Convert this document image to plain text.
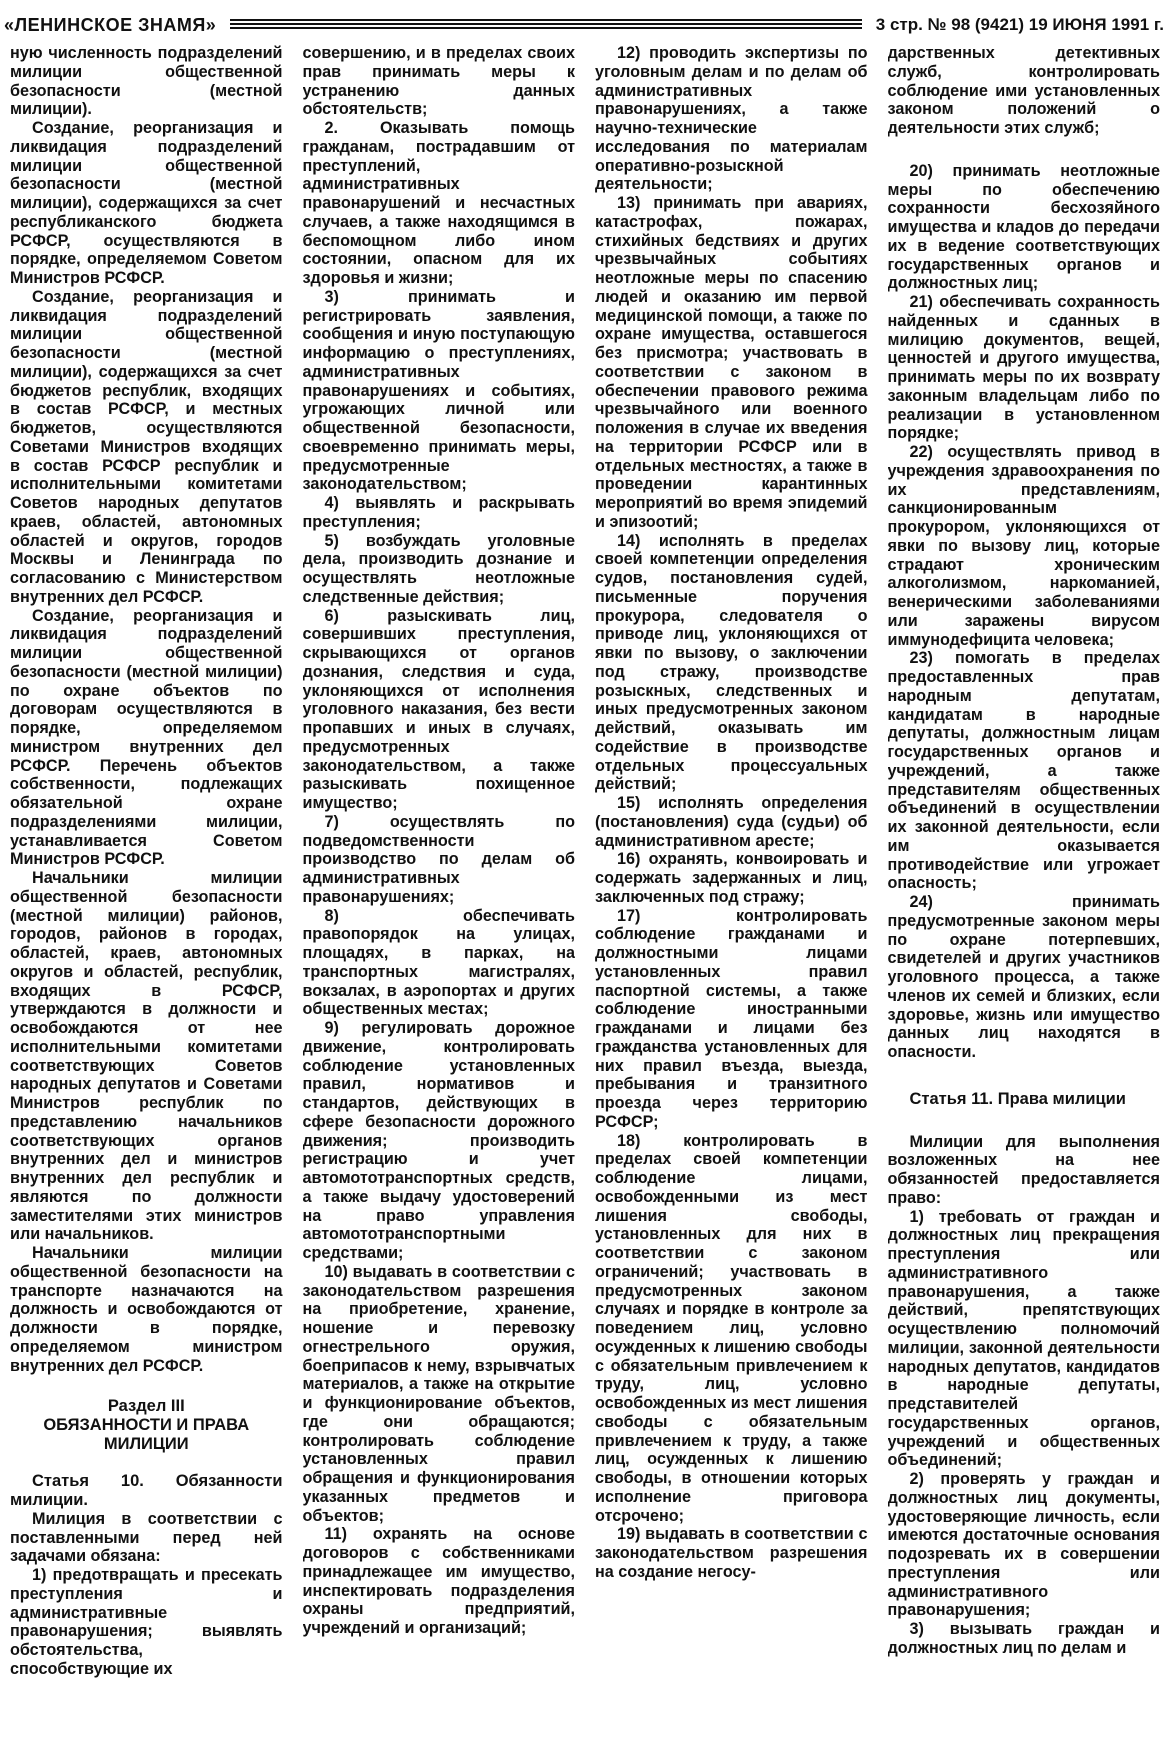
«ЛЕНИНСКОЕ ЗНАМЯ»	3 стр. № 98 (9421) 19 ИЮНЯ 1991 г.

ную численность подразделений милиции общественной безопасности (местной милиции).

Создание, реорганизация и ликвидация подразделений милиции общественной безопасности (местной милиции), содержащихся за счет республиканского бюджета РСФСР, осуществляются в порядке, определяемом Советом Министров РСФСР.

Создание, реорганизация и ликвидация подразделений милиции общественной безопасности (местной милиции), содержащихся за счет бюджетов республик, входящих в состав РСФСР, и местных бюджетов, осуществляются Советами Министров входящих в состав РСФСР республик и исполнительными комитетами Советов народных депутатов краев, областей, автономных областей и округов, городов Москвы и Ленинграда по согласованию с Министерством внутренних дел РСФСР.

Создание, реорганизация и ликвидация подразделений милиции общественной безопасности (местной милиции) по охране объектов по договорам осуществляются в порядке, определяемом министром внутренних дел РСФСР. Перечень объектов собственности, подлежащих обязательной охране подразделениями милиции, устанавливается Советом Министров РСФСР.

Начальники милиции общественной безопасности (местной милиции) районов, городов, районов в городах, областей, краев, автономных округов и областей, республик, входящих в РСФСР, утверждаются в должности и освобождаются от нее исполнительными комитетами соответствующих Советов народных депутатов и Советами Министров республик по представлению начальников соответствующих органов внутренних дел и министров внутренних дел республик и являются по должности заместителями этих министров или начальников.

Начальники милиции общественной безопасности на транспорте назначаются на должность и освобождаются от должности в порядке, определяемом министром внутренних дел РСФСР.

Раздел III
ОБЯЗАННОСТИ И ПРАВА МИЛИЦИИ

Статья 10. Обязанности милиции.

Милиция в соответствии с поставленными перед ней задачами обязана:

1) предотвращать и пресекать преступления и административные правонарушения; выявлять обстоятельства, способствующие их

совершению, и в пределах своих прав принимать меры к устранению данных обстоятельств;

2. Оказывать помощь гражданам, пострадавшим от преступлений, административных правонарушений и несчастных случаев, а также находящимся в беспомощном либо ином состоянии, опасном для их здоровья и жизни;

3) принимать и регистрировать заявления, сообщения и иную поступающую информацию о преступлениях, административных правонарушениях и событиях, угрожающих личной или общественной безопасности, своевременно принимать меры, предусмотренные законодательством;

4) выявлять и раскрывать преступления;

5) возбуждать уголовные дела, производить дознание и осуществлять неотложные следственные действия;

6) разыскивать лиц, совершивших преступления, скрывающихся от органов дознания, следствия и суда, уклоняющихся от исполнения уголовного наказания, без вести пропавших и иных в случаях, предусмотренных законодательством, а также разыскивать похищенное имущество;

7) осуществлять по подведомственности производство по делам об административных правонарушениях;

8) обеспечивать правопорядок на улицах, площадях, в парках, на транспортных магистралях, вокзалах, в аэропортах и других общественных местах;

9) регулировать дорожное движение, контролировать соблюдение установленных правил, нормативов и стандартов, действующих в сфере безопасности дорожного движения; производить регистрацию и учет автомототранспортных средств, а также выдачу удостоверений на право управления автомототранспортными средствами;

10) выдавать в соответствии с законодательством разрешения на приобретение, хранение, ношение и перевозку огнестрельного оружия, боеприпасов к нему, взрывчатых материалов, а также на открытие и функционирование объектов, где они обращаются; контролировать соблюдение установленных правил обращения и функционирования указанных предметов и объектов;

11) охранять на основе договоров с собственниками принадлежащее им имущество, инспектировать подразделения охраны предприятий, учреждений и организаций;

12) проводить экспертизы по уголовным делам и по делам об административных правонарушениях, а также научно-технические исследования по материалам оперативно-розыскной деятельности;

13) принимать при авариях, катастрофах, пожарах, стихийных бедствиях и других чрезвычайных событиях неотложные меры по спасению людей и оказанию им первой медицинской помощи, а также по охране имущества, оставшегося без присмотра; участвовать в соответствии с законом в обеспечении правового режима чрезвычайного или военного положения в случае их введения на территории РСФСР или в отдельных местностях, а также в проведении карантинных мероприятий во время эпидемий и эпизоотий;

14) исполнять в пределах своей компетенции определения судов, постановления судей, письменные поручения прокурора, следователя о приводе лиц, уклоняющихся от явки по вызову, о заключении под стражу, производстве розыскных, следственных и иных предусмотренных законом действий, оказывать им содействие в производстве отдельных процессуальных действий;

15) исполнять определения (постановления) суда (судьи) об административном аресте;

16) охранять, конвоировать и содержать задержанных и лиц, заключенных под стражу;

17) контролировать соблюдение гражданами и должностными лицами установленных правил паспортной системы, а также соблюдение иностранными гражданами и лицами без гражданства установленных для них правил въезда, выезда, пребывания и транзитного проезда через территорию РСФСР;

18) контролировать в пределах своей компетенции соблюдение лицами, освобожденными из мест лишения свободы, установленных для них в соответствии с законом ограничений; участвовать в предусмотренных законом случаях и порядке в контроле за поведением лиц, условно осужденных к лишению свободы с обязательным привлечением к труду, лиц, условно освобожденных из мест лишения свободы с обязательным привлечением к труду, а также лиц, осужденных к лишению свободы, в отношении которых исполнение приговора отсрочено;

19) выдавать в соответствии с законодательством разрешения на создание негосу-

дарственных детективных служб, контролировать соблюдение ими установленных законом положений о деятельности этих служб;

20) принимать неотложные меры по обеспечению сохранности бесхозяйного имущества и кладов до передачи их в ведение соответствующих государственных органов и должностных лиц;

21) обеспечивать сохранность найденных и сданных в милицию документов, вещей, ценностей и другого имущества, принимать меры по их возврату законным владельцам либо по реализации в установленном порядке;

22) осуществлять привод в учреждения здравоохранения по их представлениям, санкционированным прокурором, уклоняющихся от явки по вызову лиц, которые страдают хроническим алкоголизмом, наркоманией, венерическими заболеваниями или заражены вирусом иммунодефицита человека;

23) помогать в пределах предоставленных прав народным депутатам, кандидатам в народные депутаты, должностным лицам государственных органов и учреждений, а также представителям общественных объединений в осуществлении их законной деятельности, если им оказывается противодействие или угрожает опасность;

24) принимать предусмотренные законом меры по охране потерпевших, свидетелей и других участников уголовного процесса, а также членов их семей и близких, если здоровье, жизнь или имущество данных лиц находятся в опасности.

Статья 11. Права милиции

Милиции для выполнения возложенных на нее обязанностей предоставляется право:

1) требовать от граждан и должностных лиц прекращения преступления или административного правонарушения, а также действий, препятствующих осуществлению полномочий милиции, законной деятельности народных депутатов, кандидатов в народные депутаты, представителей государственных органов, учреждений и общественных объединений;

2) проверять у граждан и должностных лиц документы, удостоверяющие личность, если имеются достаточные основания подозревать их в совершении преступления или административного правонарушения;

3) вызывать граждан и должностных лиц по делам и
